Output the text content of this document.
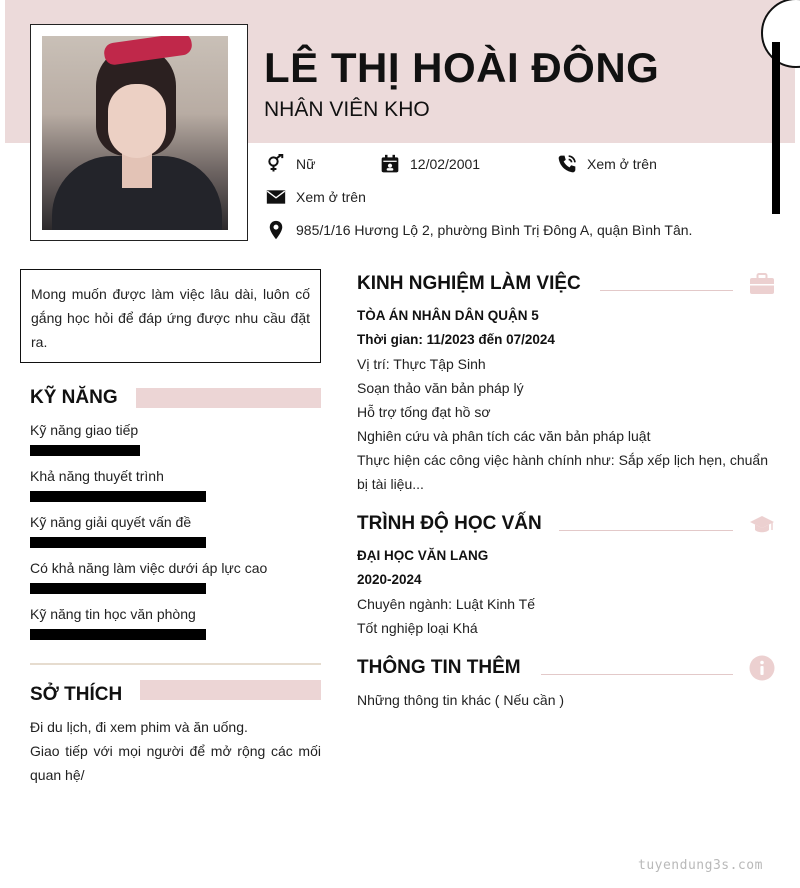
LÊ THỊ HOÀI ĐÔNG
NHÂN VIÊN KHO
Nữ	12/02/2001	Xem ở trên
Xem ở trên
985/1/16 Hương Lộ 2, phường Bình Trị Đông A, quận Bình Tân.
Mong muốn được làm việc lâu dài, luôn cố gắng học hỏi để đáp ứng được nhu cầu đặt ra.
KỸ NĂNG
Kỹ năng giao tiếp
Khả năng thuyết trình
Kỹ năng giải quyết vấn đề
Có khả năng làm việc dưới áp lực cao
Kỹ năng tin học văn phòng
SỞ THÍCH
Đi du lịch, đi xem phim và ăn uống.
Giao tiếp với mọi người để mở rộng các mối quan hệ/
KINH NGHIỆM LÀM VIỆC
TÒA ÁN NHÂN DÂN QUẬN 5
Thời gian: 11/2023 đến 07/2024
Vị trí: Thực Tập Sinh
Soạn thảo văn bản pháp lý
Hỗ trợ tống đạt hồ sơ
Nghiên cứu và phân tích các văn bản pháp luật
Thực hiện các công việc hành chính như: Sắp xếp lịch hẹn, chuẩn bị tài liệu...
TRÌNH ĐỘ HỌC VẤN
ĐẠI HỌC VĂN LANG
2020-2024
Chuyên ngành: Luật Kinh Tế
Tốt nghiệp loại Khá
THÔNG TIN THÊM
Những thông tin khác ( Nếu cần )
tuyendung3s.com
